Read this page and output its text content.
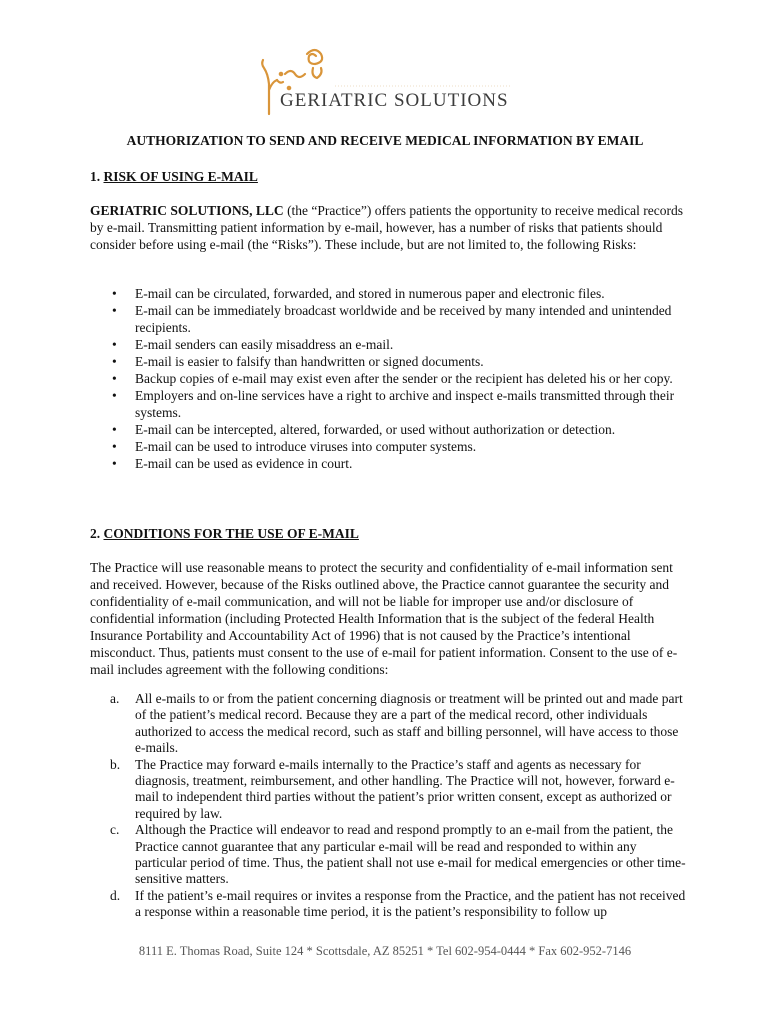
GERIATRIC SOLUTIONS
AUTHORIZATION TO SEND AND RECEIVE MEDICAL INFORMATION BY EMAIL
1. RISK OF USING E-MAIL
GERIATRIC SOLUTIONS, LLC (the “Practice”) offers patients the opportunity to receive medical records by e-mail. Transmitting patient information by e-mail, however, has a number of risks that patients should consider before using e-mail (the “Risks”). These include, but are not limited to, the following Risks:
• E-mail can be circulated, forwarded, and stored in numerous paper and electronic files.
• E-mail can be immediately broadcast worldwide and be received by many intended and unintended recipients.
• E-mail senders can easily misaddress an e-mail.
• E-mail is easier to falsify than handwritten or signed documents.
• Backup copies of e-mail may exist even after the sender or the recipient has deleted his or her copy.
• Employers and on-line services have a right to archive and inspect e-mails transmitted through their systems.
• E-mail can be intercepted, altered, forwarded, or used without authorization or detection.
• E-mail can be used to introduce viruses into computer systems.
• E-mail can be used as evidence in court.
2. CONDITIONS FOR THE USE OF E-MAIL
The Practice will use reasonable means to protect the security and confidentiality of e-mail information sent and received. However, because of the Risks outlined above, the Practice cannot guarantee the security and confidentiality of e-mail communication, and will not be liable for improper use and/or disclosure of confidential information (including Protected Health Information that is the subject of the federal Health Insurance Portability and Accountability Act of 1996) that is not caused by the Practice’s intentional misconduct. Thus, patients must consent to the use of e-mail for patient information. Consent to the use of e-mail includes agreement with the following conditions:
a. All e-mails to or from the patient concerning diagnosis or treatment will be printed out and made part of the patient’s medical record. Because they are a part of the medical record, other individuals authorized to access the medical record, such as staff and billing personnel, will have access to those e-mails.
b. The Practice may forward e-mails internally to the Practice’s staff and agents as necessary for diagnosis, treatment, reimbursement, and other handling. The Practice will not, however, forward e-mail to independent third parties without the patient’s prior written consent, except as authorized or required by law.
c. Although the Practice will endeavor to read and respond promptly to an e-mail from the patient, the Practice cannot guarantee that any particular e-mail will be read and responded to within any particular period of time. Thus, the patient shall not use e-mail for medical emergencies or other time-sensitive matters.
d. If the patient’s e-mail requires or invites a response from the Practice, and the patient has not received a response within a reasonable time period, it is the patient’s responsibility to follow up
8111 E. Thomas Road, Suite 124 * Scottsdale, AZ 85251 * Tel 602-954-0444 * Fax 602-952-7146
